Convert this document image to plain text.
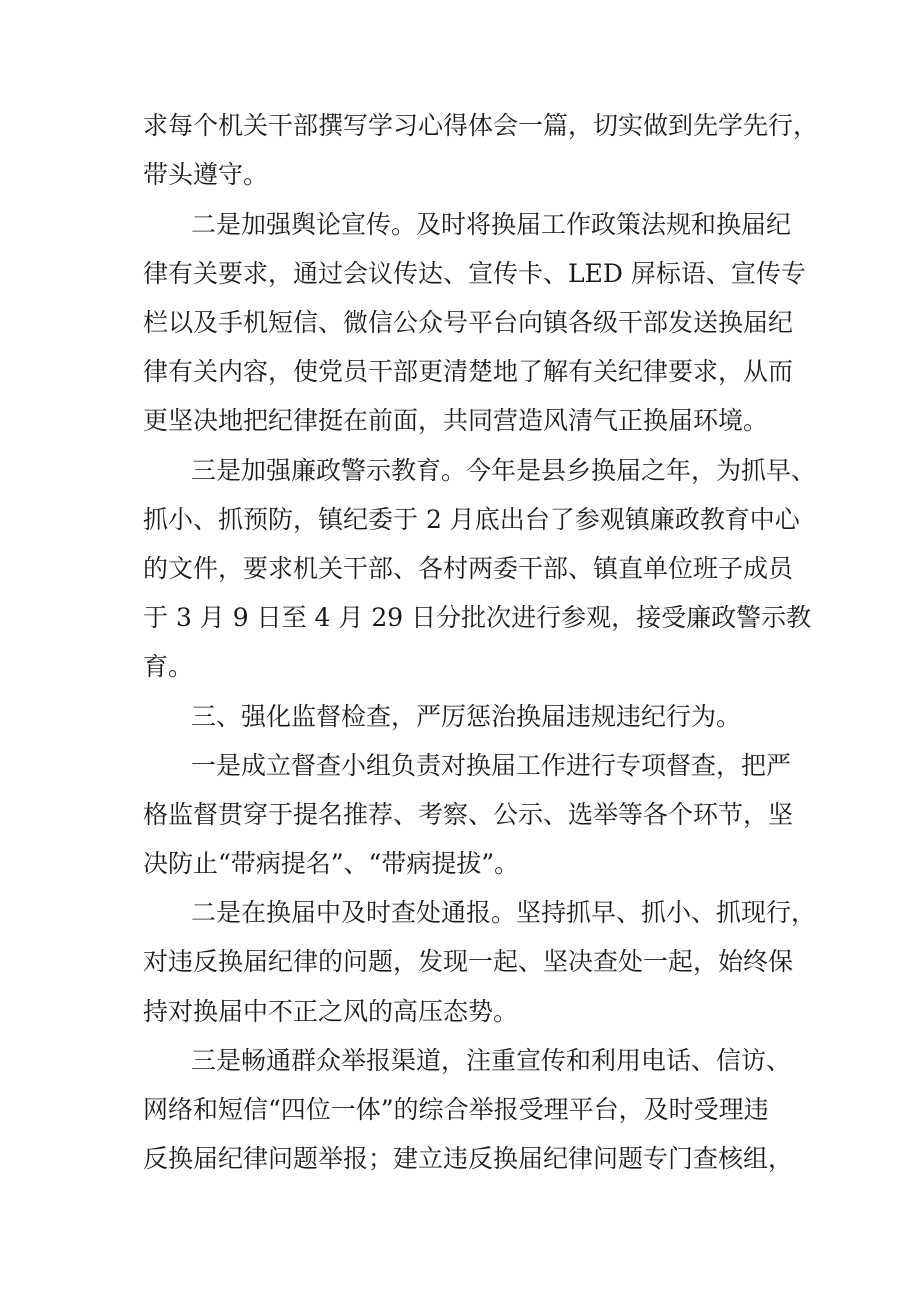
求每个机关干部撰写学习心得体会一篇，切实做到先学先行，
带头遵守。
二是加强舆论宣传。及时将换届工作政策法规和换届纪
律有关要求，通过会议传达、宣传卡、LED 屏标语、宣传专
栏以及手机短信、微信公众号平台向镇各级干部发送换届纪
律有关内容，使党员干部更清楚地了解有关纪律要求，从而
更坚决地把纪律挺在前面，共同营造风清气正换届环境。
三是加强廉政警示教育。今年是县乡换届之年，为抓早、
抓小、抓预防，镇纪委于 2 月底出台了参观镇廉政教育中心
的文件，要求机关干部、各村两委干部、镇直单位班子成员
于 3 月 9 日至 4 月 29 日分批次进行参观，接受廉政警示教
育。
三、强化监督检查，严厉惩治换届违规违纪行为。
一是成立督查小组负责对换届工作进行专项督查，把严
格监督贯穿于提名推荐、考察、公示、选举等各个环节，坚
决防止“带病提名”、“带病提拔”。
二是在换届中及时查处通报。坚持抓早、抓小、抓现行，
对违反换届纪律的问题，发现一起、坚决查处一起，始终保
持对换届中不正之风的高压态势。
三是畅通群众举报渠道，注重宣传和利用电话、信访、
网络和短信“四位一体”的综合举报受理平台，及时受理违
反换届纪律问题举报；建立违反换届纪律问题专门查核组，
